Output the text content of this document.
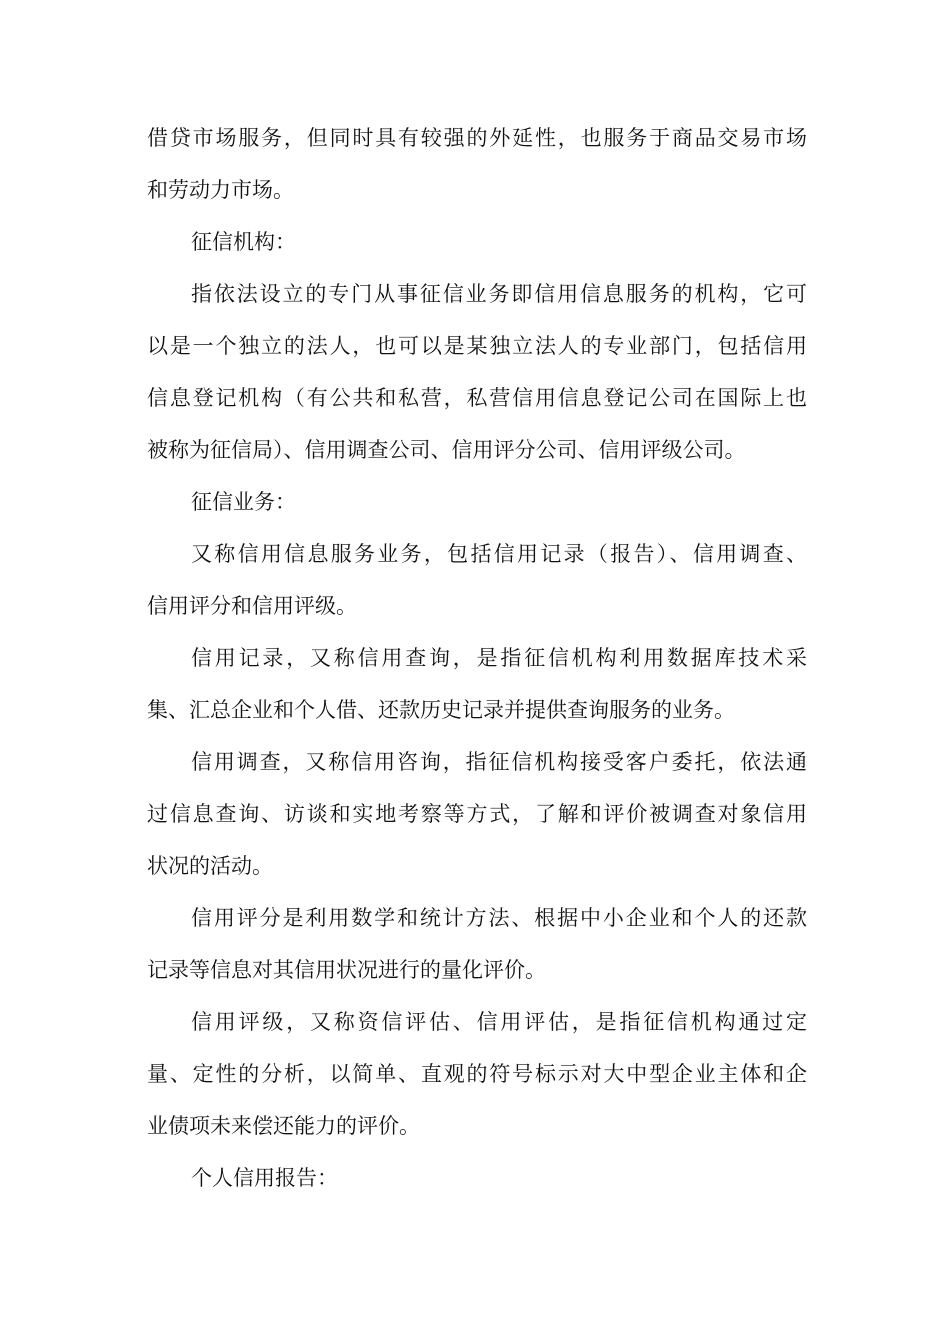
借贷市场服务，但同时具有较强的外延性，也服务于商品交易市场
和劳动力市场。
征信机构：
指依法设立的专门从事征信业务即信用信息服务的机构，它可
以是一个独立的法人，也可以是某独立法人的专业部门，包括信用
信息登记机构（有公共和私营，私营信用信息登记公司在国际上也
被称为征信局）、信用调查公司、信用评分公司、信用评级公司。
征信业务：
又称信用信息服务业务，包括信用记录（报告）、信用调查、
信用评分和信用评级。
信用记录，又称信用查询，是指征信机构利用数据库技术采
集、汇总企业和个人借、还款历史记录并提供查询服务的业务。
信用调查，又称信用咨询，指征信机构接受客户委托，依法通
过信息查询、访谈和实地考察等方式，了解和评价被调查对象信用
状况的活动。
信用评分是利用数学和统计方法、根据中小企业和个人的还款
记录等信息对其信用状况进行的量化评价。
信用评级，又称资信评估、信用评估，是指征信机构通过定
量、定性的分析，以简单、直观的符号标示对大中型企业主体和企
业债项未来偿还能力的评价。
个人信用报告：
